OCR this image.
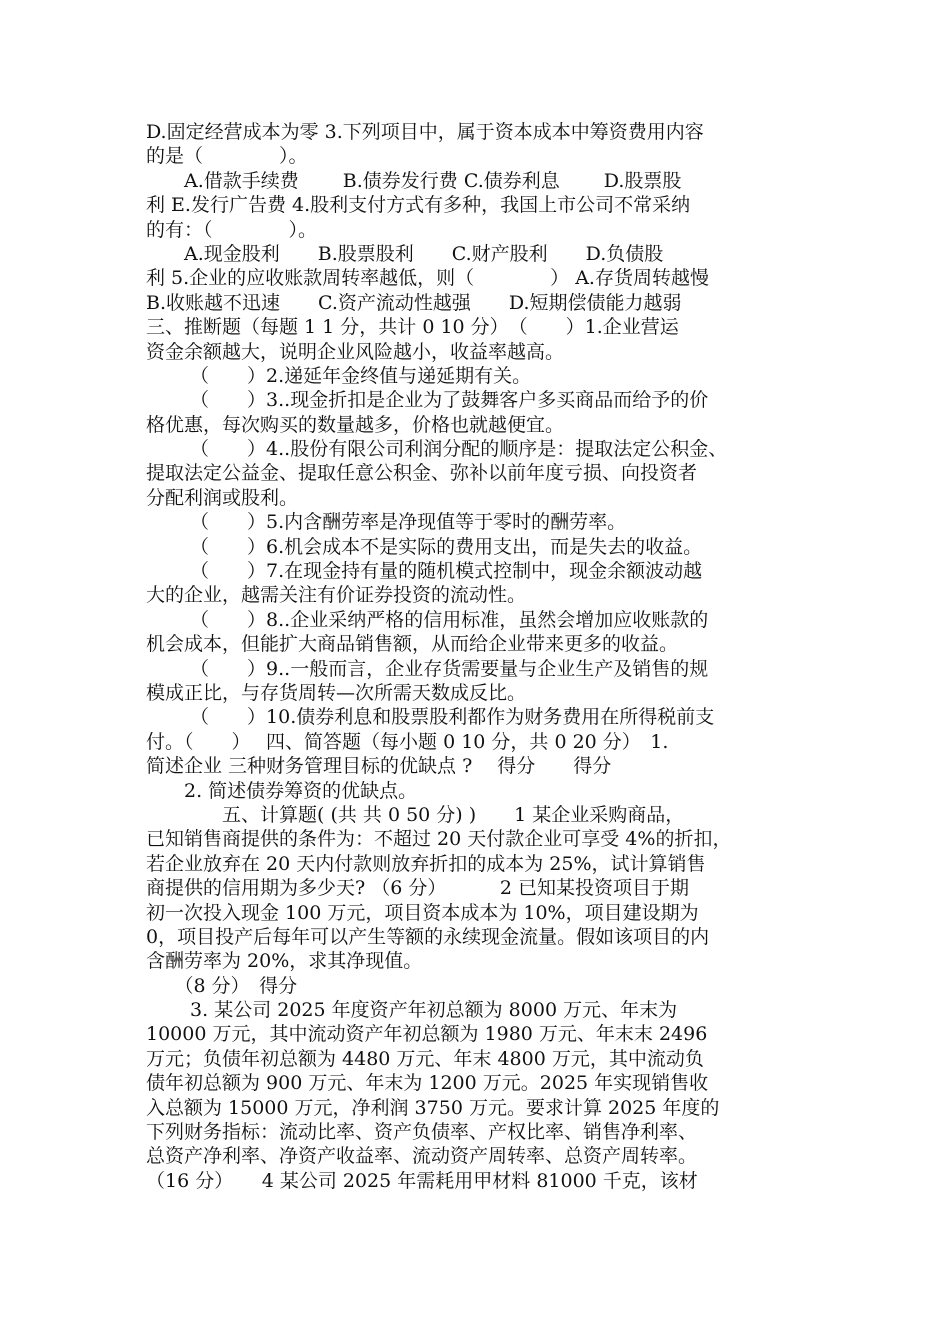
D.固定经营成本为零 3.下列项目中，属于资本成本中筹资费用内容
的是（　　　　）。
　　A.借款手续费　　 B.债券发行费 C.债券利息　　 D.股票股
利 E.发行广告费 4.股利支付方式有多种，我国上市公司不常采纳
的有：（　　　　）。
　　A.现金股利　　B.股票股利　　C.财产股利　　D.负债股
利 5.企业的应收账款周转率越低，则（　　　　） A.存货周转越慢
B.收账越不迅速　　C.资产流动性越强　　D.短期偿债能力越弱
三、推断题（每题 1 1 分，共计 0 10 分）　（　　）1.企业营运
资金余额越大，说明企业风险越小，收益率越高。
　　 （　　）2.递延年金终值与递延期有关。
　　 （　　）3..现金折扣是企业为了鼓舞客户多买商品而给予的价
格优惠，每次购买的数量越多，价格也就越便宜。
　　 （　　）4..股份有限公司利润分配的顺序是：提取法定公积金、
提取法定公益金、提取任意公积金、弥补以前年度亏损、向投资者
分配利润或股利。
　　 （　　）5.内含酬劳率是净现值等于零时的酬劳率。
　　 （　　）6.机会成本不是实际的费用支出，而是失去的收益。
　　 （　　）7.在现金持有量的随机模式控制中，现金余额波动越
大的企业，越需关注有价证券投资的流动性。
　　 （　　）8..企业采纳严格的信用标准，虽然会增加应收账款的
机会成本，但能扩大商品销售额，从而给企业带来更多的收益。
　　 （　　）9..一般而言，企业存货需要量与企业生产及销售的规
模成正比，与存货周转—次所需天数成反比。
　　 （　　）10.债券利息和股票股利都作为财务费用在所得税前支
付。（　　）　 四、简答题（每小题 0 10 分，共 0 20 分）　1.
简述企业 三种财务管理目标的优缺点 ?　 得分　　得分
　　2. 简述债券筹资的优缺点。
　　　　五、计算题( (共 共 0 50 分) )　　1 某企业采购商品，
已知销售商提供的条件为：不超过 20 天付款企业可享受 4%的折扣，
若企业放弃在 20 天内付款则放弃折扣的成本为 25%，试计算销售
商提供的信用期为多少天? （6 分）　　　 2 已知某投资项目于期
初一次投入现金 100 万元，项目资本成本为 10%，项目建设期为
0，项目投产后每年可以产生等额的永续现金流量。假如该项目的内
含酬劳率为 20%，求其净现值。
　　（8 分）　得分
　　 3. 某公司 2025 年度资产年初总额为 8000 万元、年末为
10000 万元，其中流动资产年初总额为 1980 万元、年末末 2496
万元；负债年初总额为 4480 万元、年末 4800 万元，其中流动负
债年初总额为 900 万元、年末为 1200 万元。2025 年实现销售收
入总额为 15000 万元，净利润 3750 万元。要求计算 2025 年度的
下列财务指标：流动比率、资产负债率、产权比率、销售净利率、
总资产净利率、净资产收益率、流动资产周转率、总资产周转率。
（16 分）　　4 某公司 2025 年需耗用甲材料 81000 千克，该材
